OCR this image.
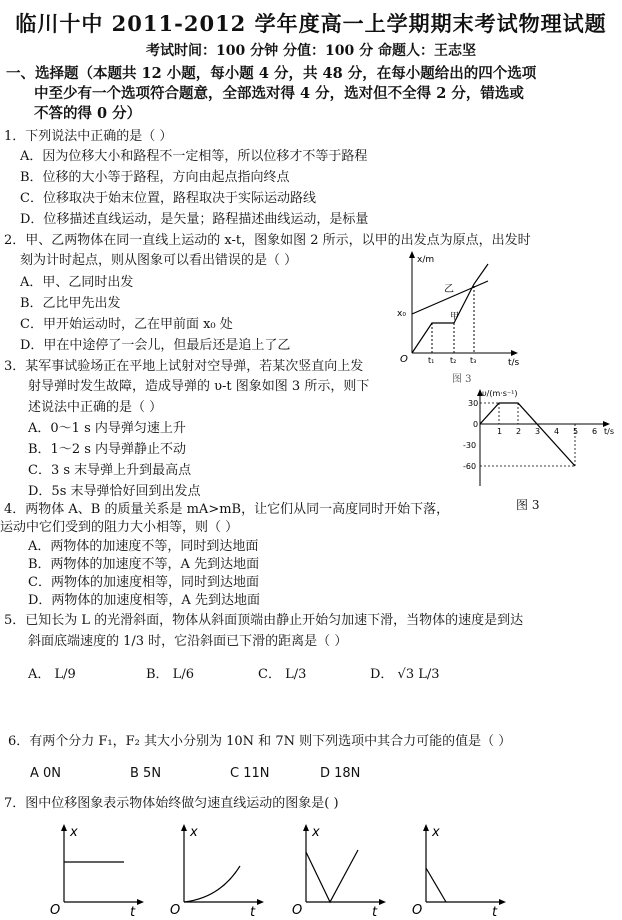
临川十中 2011-2012 学年度高一上学期期末考试物理试题
考试时间：100 分钟 分值：100 分 命题人：王志坚
一、选择题（本题共 12 小题，每小题 4 分，共 48 分，在每小题给出的四个选项
中至少有一个选项符合题意，全部选对得 4 分，选对但不全得 2 分，错选或
不答的得 0 分）
1．下列说法中正确的是（ ）
A．因为位移大小和路程不一定相等，所以位移才不等于路程
B．位移的大小等于路程，方向由起点指向终点
C．位移取决于始末位置，路程取决于实际运动路线
D．位移描述直线运动，是矢量；路程描述曲线运动，是标量
2．甲、乙两物体在同一直线上运动的 x-t，图象如图 2 所示，以甲的出发点为原点，出发时
刻为计时起点，则从图象可以看出错误的是（ ）
A．甲、乙同时出发
B．乙比甲先出发
C．甲开始运动时，乙在甲前面 x₀ 处
D．甲在中途停了一会儿，但最后还是追上了乙
x/m
t/s
O
x₀
乙
甲
t₁ t₂ t₃
3．某军事试验场正在平地上试射对空导弹，若某次竖直向上发
射导弹时发生故障，造成导弹的 υ-t 图象如图 3 所示，则下
述说法中正确的是（ ）
A．0～1 s 内导弹匀速上升
B．1～2 s 内导弹静止不动
C．3 s 末导弹上升到最高点
D．5s 末导弹恰好回到出发点
图 3
υ/(m·s⁻¹)
t/s
1 2 3 4 5 6
30
0
-30
-60
图 3
4．两物体 A、B 的质量关系是 mA>mB，让它们从同一高度同时开始下落，
运动中它们受到的阻力大小相等，则（ ）
A．两物体的加速度不等，同时到达地面
B．两物体的加速度不等，A 先到达地面
C．两物体的加速度相等，同时到达地面
D．两物体的加速度相等，A 先到达地面
5．已知长为 L 的光滑斜面，物体从斜面顶端由静止开始匀加速下滑，当物体的速度是到达
斜面底端速度的 1/3 时，它沿斜面已下滑的距离是（ ）
A． L/9	B． L/6	C． L/3	D． √3 L/3
6．有两个分力 F₁，F₂ 其大小分别为 10N 和 7N 则下列选项中其合力可能的值是（ ）
A 0N	B 5N	C 11N	D 18N
7．图中位移图象表示物体始终做匀速直线运动的图象是( )
x
t
O
x
t
O
x
t
O
x
t
O
